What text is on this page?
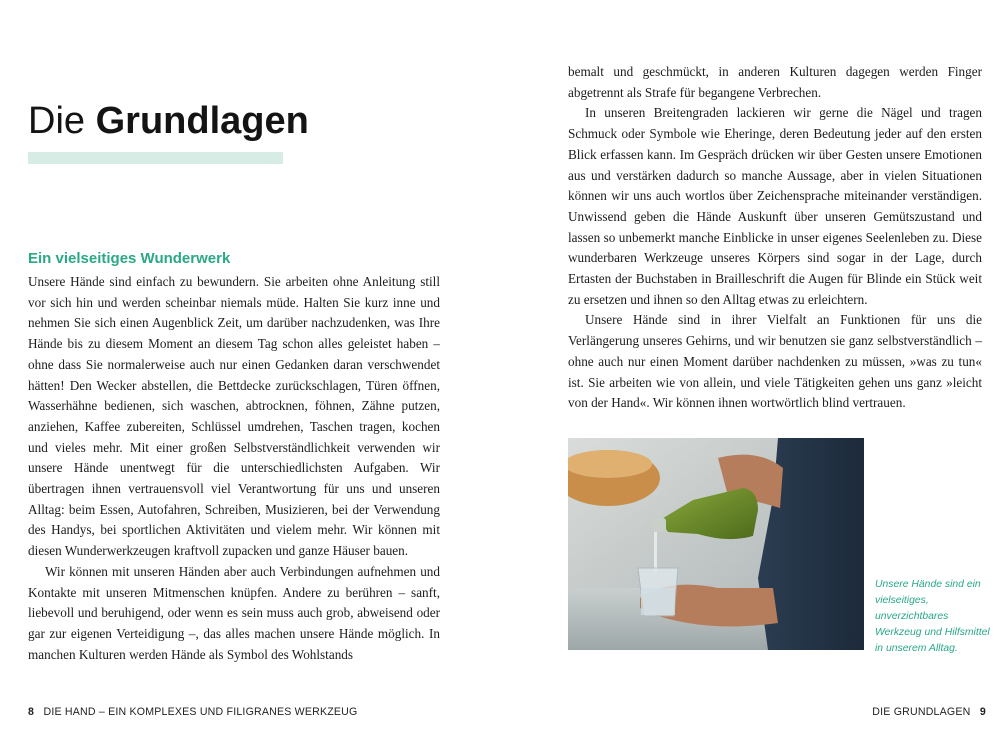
Die Grundlagen
Ein vielseitiges Wunderwerk

Unsere Hände sind einfach zu bewundern. Sie arbeiten ohne Anleitung still vor sich hin und werden scheinbar niemals müde. Halten Sie kurz inne und nehmen Sie sich einen Augenblick Zeit, um darüber nachzudenken, was Ihre Hände bis zu diesem Moment an diesem Tag schon alles geleistet haben – ohne dass Sie normalerweise auch nur einen Gedanken daran verschwendet hätten! Den Wecker abstellen, die Bettdecke zurückschlagen, Türen öffnen, Wasserhähne bedienen, sich waschen, abtrocknen, föhnen, Zähne putzen, anziehen, Kaffee zubereiten, Schlüssel umdrehen, Taschen tragen, kochen und vieles mehr. Mit einer großen Selbstverständlichkeit verwenden wir unsere Hände unentwegt für die unterschiedlichsten Aufgaben. Wir übertragen ihnen vertrauensvoll viel Verantwortung für uns und unseren Alltag: beim Essen, Autofahren, Schreiben, Musizieren, bei der Verwendung des Handys, bei sportlichen Aktivitäten und vielem mehr. Wir können mit diesen Wunderwerkzeugen kraftvoll zupacken und ganze Häuser bauen.

Wir können mit unseren Händen aber auch Verbindungen aufnehmen und Kontakte mit unseren Mitmenschen knüpfen. Andere zu berühren – sanft, liebevoll und beruhigend, oder wenn es sein muss auch grob, abweisend oder gar zur eigenen Verteidigung –, das alles machen unsere Hände möglich. In manchen Kulturen werden Hände als Symbol des Wohlstands

8 DIE HAND – EIN KOMPLEXES UND FILIGRANES WERKZEUG

bemalt und geschmückt, in anderen Kulturen dagegen werden Finger abgetrennt als Strafe für begangene Verbrechen.

In unseren Breitengraden lackieren wir gerne die Nägel und tragen Schmuck oder Symbole wie Eheringe, deren Bedeutung jeder auf den ersten Blick erfassen kann. Im Gespräch drücken wir über Gesten unsere Emotionen aus und verstärken dadurch so manche Aussage, aber in vielen Situationen können wir uns auch wortlos über Zeichensprache miteinander verständigen. Unwissend geben die Hände Auskunft über unseren Gemütszustand und lassen so unbemerkt manche Einblicke in unser eigenes Seelenleben zu. Diese wunderbaren Werkzeuge unseres Körpers sind sogar in der Lage, durch Ertasten der Buchstaben in Brailleschrift die Augen für Blinde ein Stück weit zu ersetzen und ihnen so den Alltag etwas zu erleichtern.

Unsere Hände sind in ihrer Vielfalt an Funktionen für uns die Verlängerung unseres Gehirns, und wir benutzen sie ganz selbstverständlich – ohne auch nur einen Moment darüber nachdenken zu müssen, »was zu tun« ist. Sie arbeiten wie von allein, und viele Tätigkeiten gehen uns ganz »leicht von der Hand«. Wir können ihnen wortwörtlich blind vertrauen.

Unsere Hände sind ein vielseitiges, unverzichtbares Werkzeug und Hilfsmittel in unserem Alltag.

DIE GRUNDLAGEN 9
